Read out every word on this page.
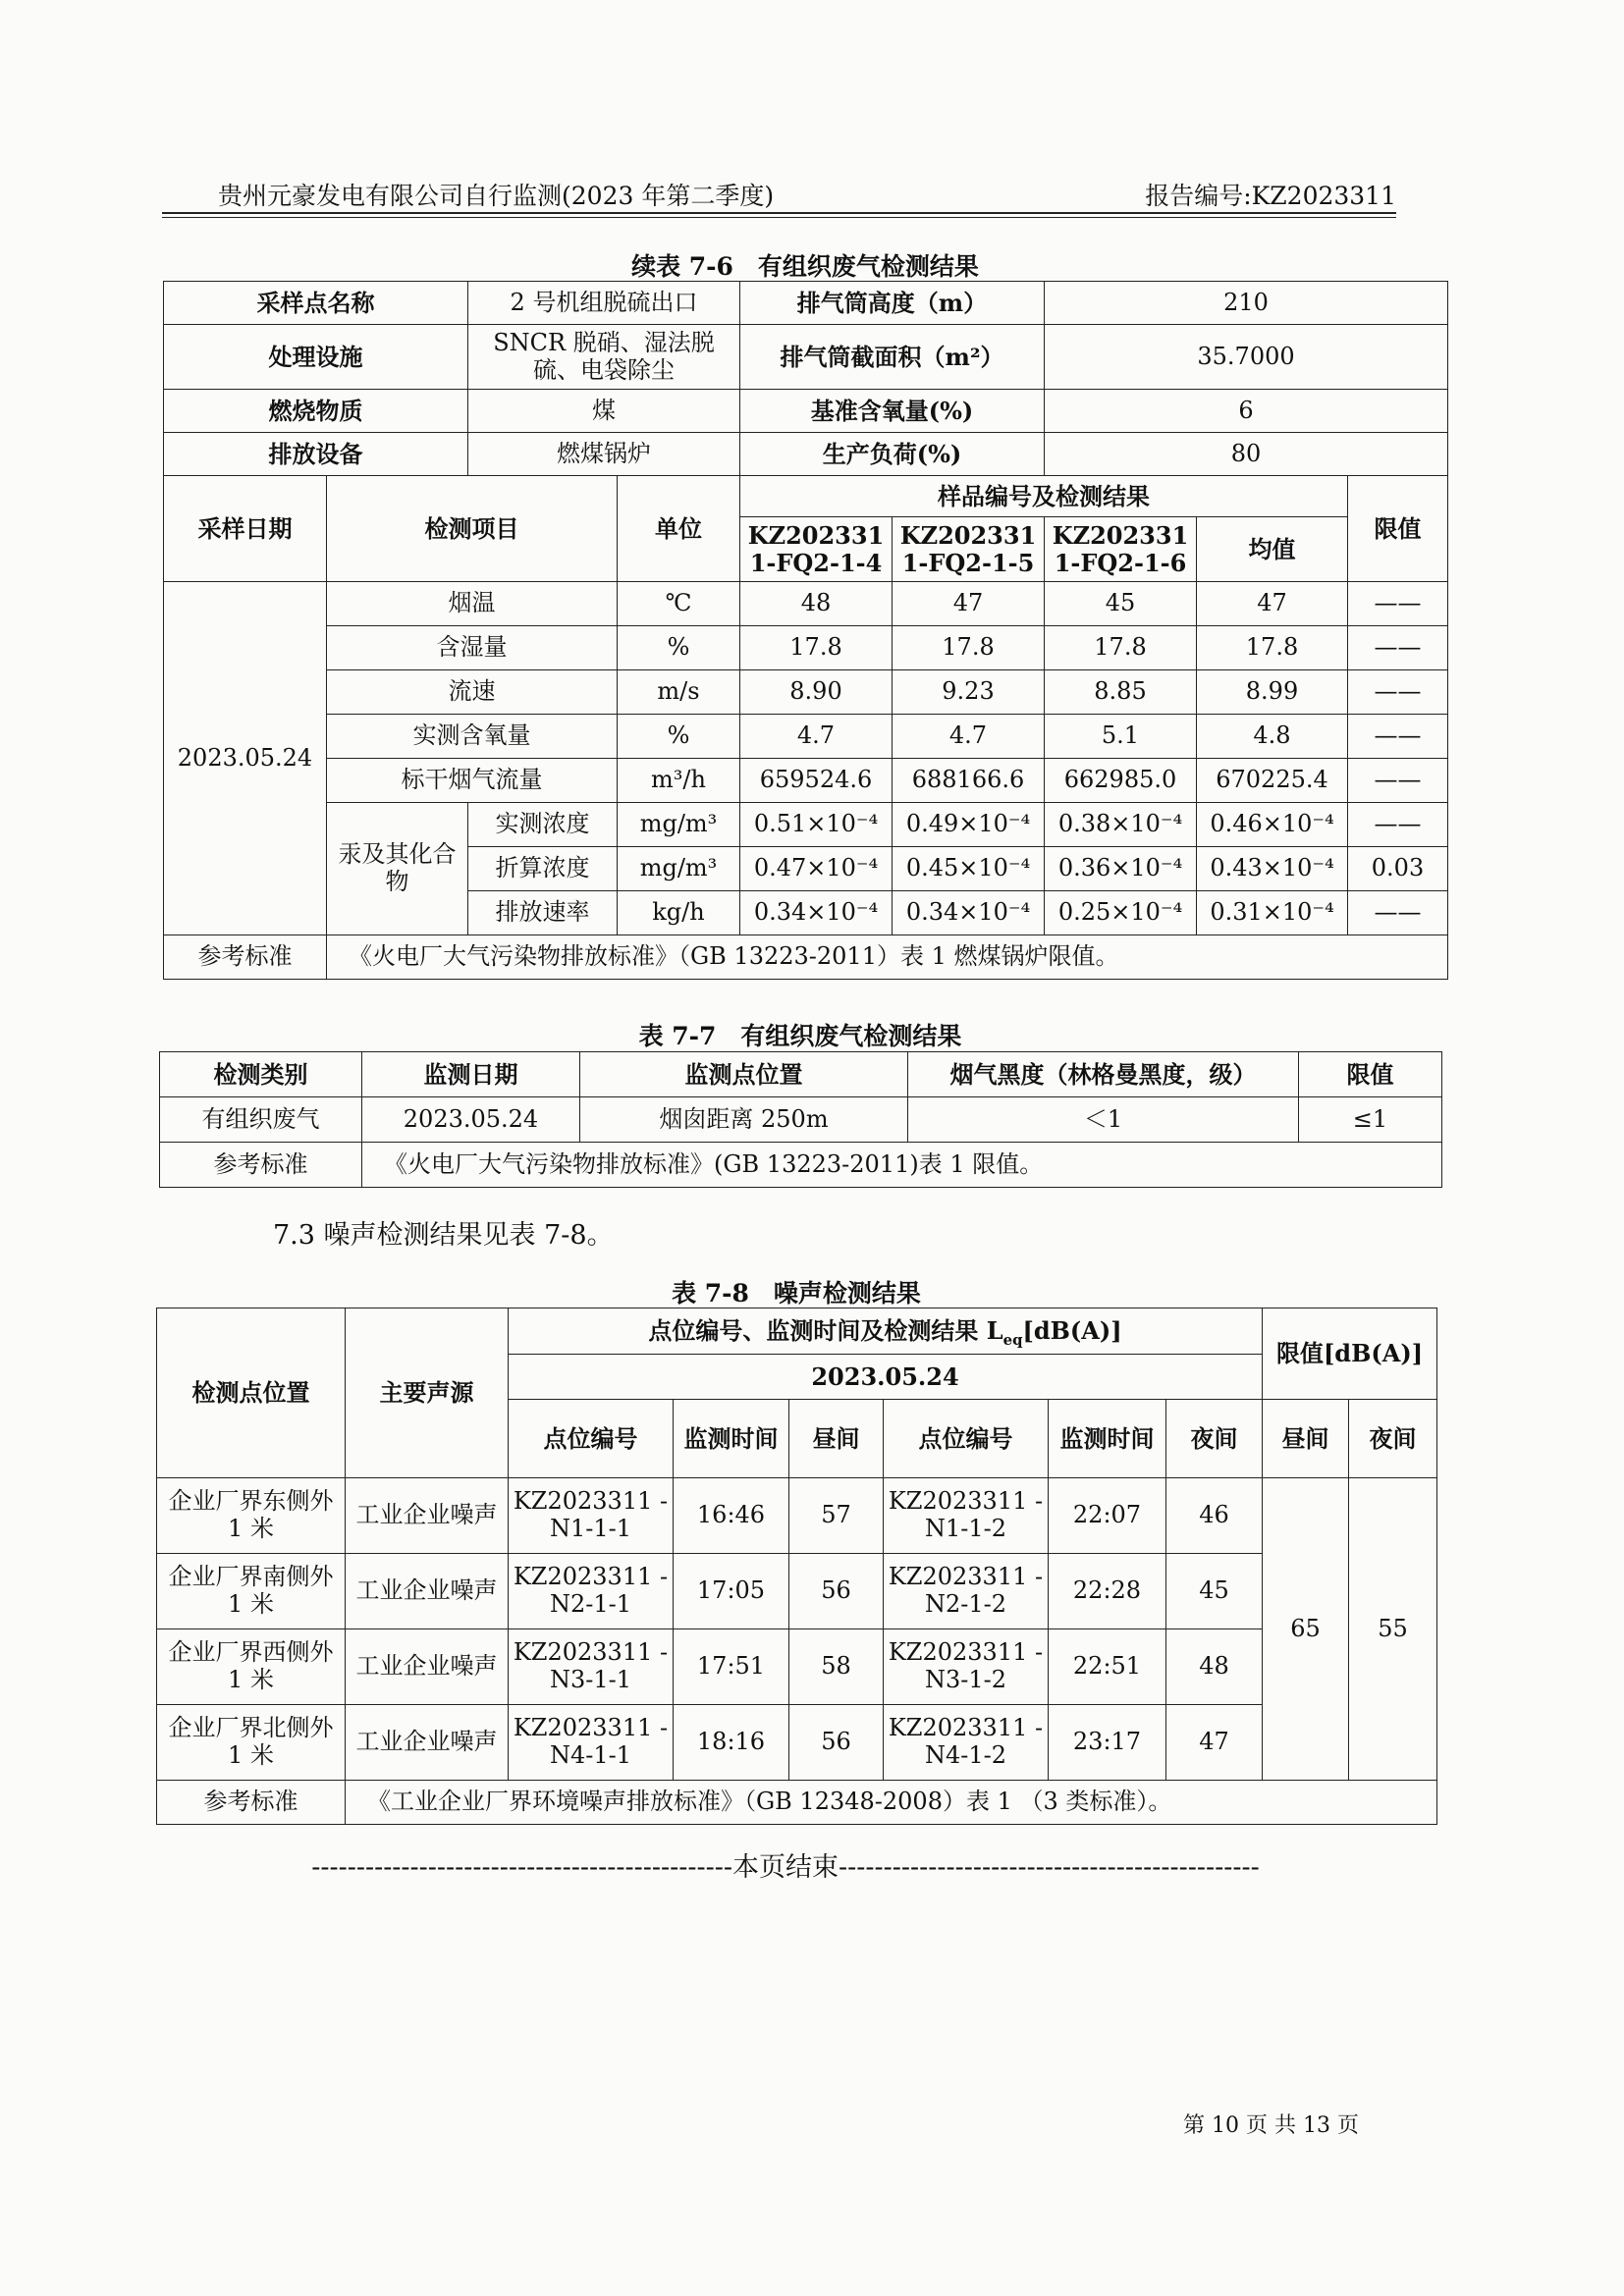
贵州元豪发电有限公司自行监测(2023 年第二季度)	报告编号:KZ2023311
续表 7-6　有组织废气检测结果
采样点名称		2 号机组脱硫出口		排气筒高度（m）		210		
处理设施		SNCR 脱硝、湿法脱硫、电袋除尘		排气筒截面积（m²）		35.7000		
燃烧物质		煤		基准含氧量(%)		6		
排放设备		燃煤锅炉		生产负荷(%)		80		
采样日期	检测项目		单位	样品编号及检测结果				限值
				KZ202331 1-FQ2-1-4	KZ202331 1-FQ2-1-5	KZ202331 1-FQ2-1-6	均值	
2023.05.24	烟温		℃	48	47	45	47	——
	含湿量		%	17.8	17.8	17.8	17.8	——
	流速		m/s	8.90	9.23	8.85	8.99	——
	实测含氧量		%	4.7	4.7	5.1	4.8	——
	标干烟气流量		m³/h	659524.6	688166.6	662985.0	670225.4	——
	汞及其化合物	实测浓度	mg/m³	0.51×10⁻⁴	0.49×10⁻⁴	0.38×10⁻⁴	0.46×10⁻⁴	——
		折算浓度	mg/m³	0.47×10⁻⁴	0.45×10⁻⁴	0.36×10⁻⁴	0.43×10⁻⁴	0.03
		排放速率	kg/h	0.34×10⁻⁴	0.34×10⁻⁴	0.25×10⁻⁴	0.31×10⁻⁴	——
参考标准	《火电厂大气污染物排放标准》（GB 13223-2011）表 1 燃煤锅炉限值。							
表 7-7　有组织废气检测结果
检测类别	监测日期	监测点位置	烟气黑度（林格曼黑度，级）	限值
有组织废气	2023.05.24	烟囱距离 250m	＜1	≤1
参考标准	《火电厂大气污染物排放标准》(GB 13223-2011)表 1 限值。			
7.3 噪声检测结果见表 7-8。
表 7-8　噪声检测结果
检测点位置	主要声源	点位编号、监测时间及检测结果 $L_{eq}[dB(A)]$						限值[dB(A)]	
		2023.05.24							
		点位编号	监测时间	昼间	点位编号	监测时间	夜间	昼间	夜间
企业厂界东侧外 1 米	工业企业噪声	KZ2023311 -N1-1-1	16:46	57	KZ2023311 -N1-1-2	22:07	46	65	55
企业厂界南侧外 1 米	工业企业噪声	KZ2023311 -N2-1-1	17:05	56	KZ2023311 -N2-1-2	22:28	45		
企业厂界西侧外 1 米	工业企业噪声	KZ2023311 -N3-1-1	17:51	58	KZ2023311 -N3-1-2	22:51	48		
企业厂界北侧外 1 米	工业企业噪声	KZ2023311 -N4-1-1	18:16	56	KZ2023311 -N4-1-2	23:17	47		
参考标准	《工业企业厂界环境噪声排放标准》（GB 12348-2008）表 1 （3 类标准）。								
-----------------------------------------------本页结束-----------------------------------------------
第 10 页 共 13 页
